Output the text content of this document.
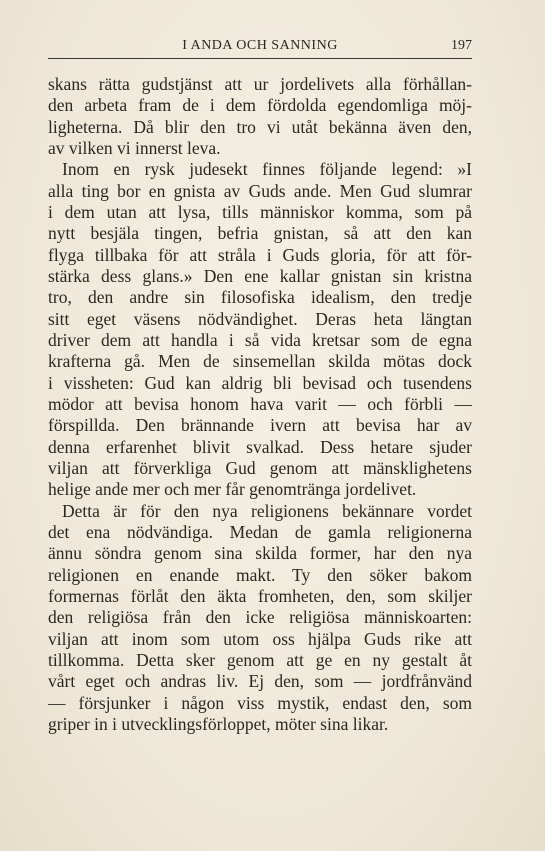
I ANDA OCH SANNING	197
skans rätta gudstjänst att ur jordelivets alla förhållan-
den arbeta fram de i dem fördolda egendomliga möj-
ligheterna. Då blir den tro vi utåt bekänna även den,
av vilken vi innerst leva.
Inom en rysk judesekt finnes följande legend: »I
alla ting bor en gnista av Guds ande. Men Gud slumrar
i dem utan att lysa, tills människor komma, som på
nytt besjäla tingen, befria gnistan, så att den kan
flyga tillbaka för att stråla i Guds gloria, för att för-
stärka dess glans.» Den ene kallar gnistan sin kristna
tro, den andre sin filosofiska idealism, den tredje
sitt eget väsens nödvändighet. Deras heta längtan
driver dem att handla i så vida kretsar som de egna
krafterna gå. Men de sinsemellan skilda mötas dock
i vissheten: Gud kan aldrig bli bevisad och tusendens
mödor att bevisa honom hava varit — och förbli —
förspillda. Den brännande ivern att bevisa har av
denna erfarenhet blivit svalkad. Dess hetare sjuder
viljan att förverkliga Gud genom att mänsklighetens
helige ande mer och mer får genomtränga jordelivet.
Detta är för den nya religionens bekännare vordet
det ena nödvändiga. Medan de gamla religionerna
ännu söndra genom sina skilda former, har den nya
religionen en enande makt. Ty den söker bakom
formernas förlåt den äkta fromheten, den, som skiljer
den religiösa från den icke religiösa människoarten:
viljan att inom som utom oss hjälpa Guds rike att
tillkomma. Detta sker genom att ge en ny gestalt åt
vårt eget och andras liv. Ej den, som — jordfrånvänd
— försjunker i någon viss mystik, endast den, som
griper in i utvecklingsförloppet, möter sina likar.
